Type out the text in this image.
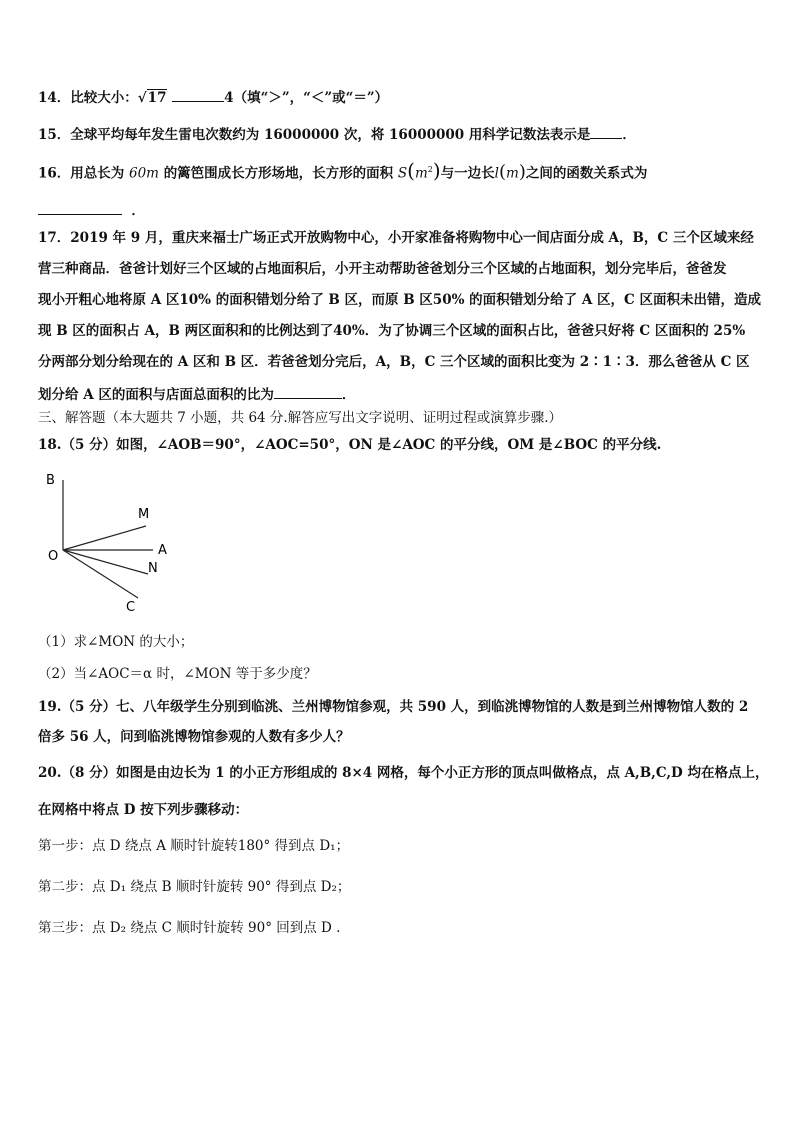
14．比较大小：√17	4（填“＞”，“＜”或“＝”）
15．全球平均每年发生雷电次数约为 16000000 次，将 16000000 用科学记数法表示是 ．
16．用总长为 60m 的篱笆围成长方形场地，长方形的面积 $S(m^2)$与一边长l(m)之间的函数关系式为
．
17．2019 年 9 月，重庆来福士广场正式开放购物中心，小开家准备将购物中心一间店面分成 A，B，C 三个区域来经
营三种商品．爸爸计划好三个区域的占地面积后，小开主动帮助爸爸划分三个区域的占地面积，划分完毕后，爸爸发
现小开粗心地将原 A 区10% 的面积错划分给了 B 区，而原 B 区50% 的面积错划分给了 A 区，C 区面积未出错，造成
现 B 区的面积占 A，B 两区面积和的比例达到了40%．为了协调三个区域的面积占比，爸爸只好将 C 区面积的 25%
分两部分划分给现在的 A 区和 B 区．若爸爸划分完后，A，B，C 三个区域的面积比变为 2∶1∶3．那么爸爸从 C 区
划分给 A 区的面积与店面总面积的比为	．
三、解答题（本大题共 7 小题，共 64 分.解答应写出文字说明、证明过程或演算步骤.）
18.（5 分）如图，∠AOB＝90°，∠AOC=50°，ON 是∠AOC 的平分线，OM 是∠BOC 的平分线.
B
M
O	A
N
C
（1）求∠MON 的大小；
（2）当∠AOC＝α 时，∠MON 等于多少度？
19.（5 分）七、八年级学生分别到临洮、兰州博物馆参观，共 590 人，到临洮博物馆的人数是到兰州博物馆人数的 2
倍多 56 人，问到临洮博物馆参观的人数有多少人？
20.（8 分）如图是由边长为 1 的小正方形组成的 8×4 网格，每个小正方形的顶点叫做格点，点 A,B,C,D 均在格点上，
在网格中将点 D 按下列步骤移动：
第一步：点 D 绕点 A 顺时针旋转180° 得到点 D₁；
第二步：点 D₁ 绕点 B 顺时针旋转 90° 得到点 D₂；
第三步：点 D₂ 绕点 C 顺时针旋转 90° 回到点 D .
